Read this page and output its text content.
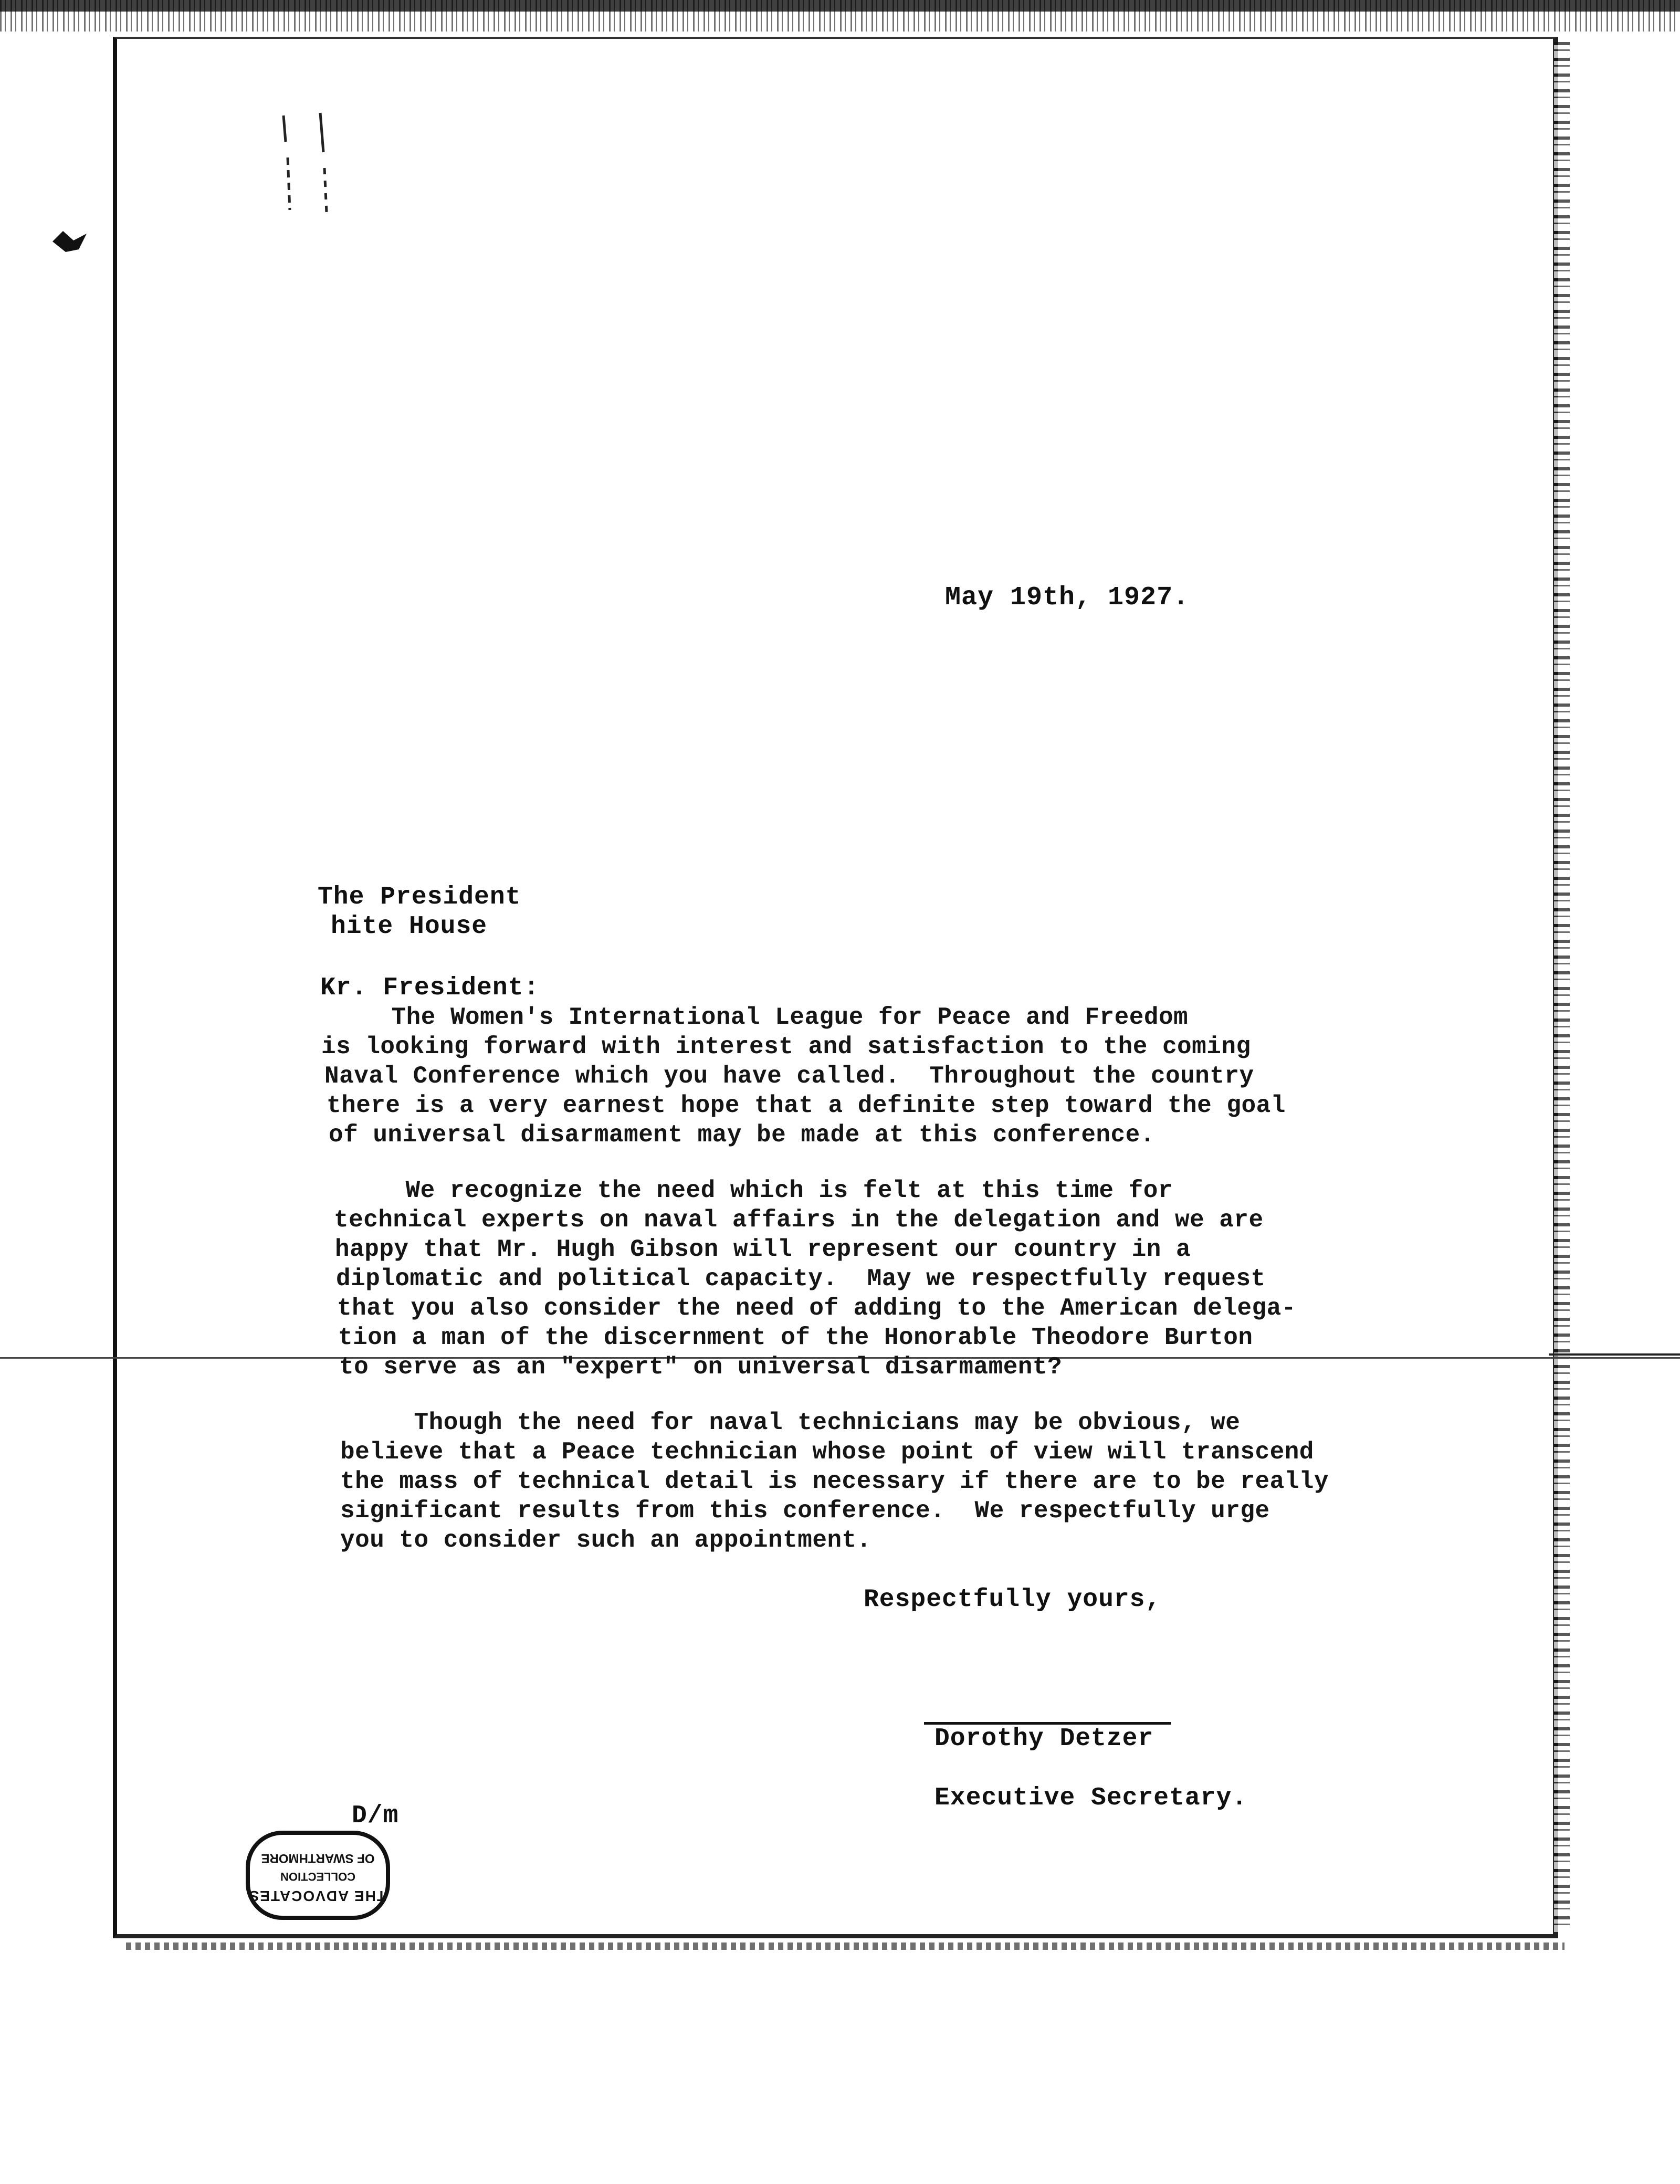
May 19th, 1927.
The President
hite House
Kr. Fresident:
The Women's International League for Peace and Freedom
is looking forward with interest and satisfaction to the coming
Naval Conference which you have called.  Throughout the country
there is a very earnest hope that a definite step toward the goal
of universal disarmament may be made at this conference.
We recognize the need which is felt at this time for
technical experts on naval affairs in the delegation and we are
happy that Mr. Hugh Gibson will represent our country in a
diplomatic and political capacity.  May we respectfully request
that you also consider the need of adding to the American delega-
tion a man of the discernment of the Honorable Theodore Burton
to serve as an "expert" on universal disarmament?
Though the need for naval technicians may be obvious, we
believe that a Peace technician whose point of view will transcend
the mass of technical detail is necessary if there are to be really
significant results from this conference.  We respectfully urge
you to consider such an appointment.
Respectfully yours,
Dorothy Detzer
Executive Secretary.
D/m
THE ADVOCATES
COLLECTION
OF SWARTHMORE
